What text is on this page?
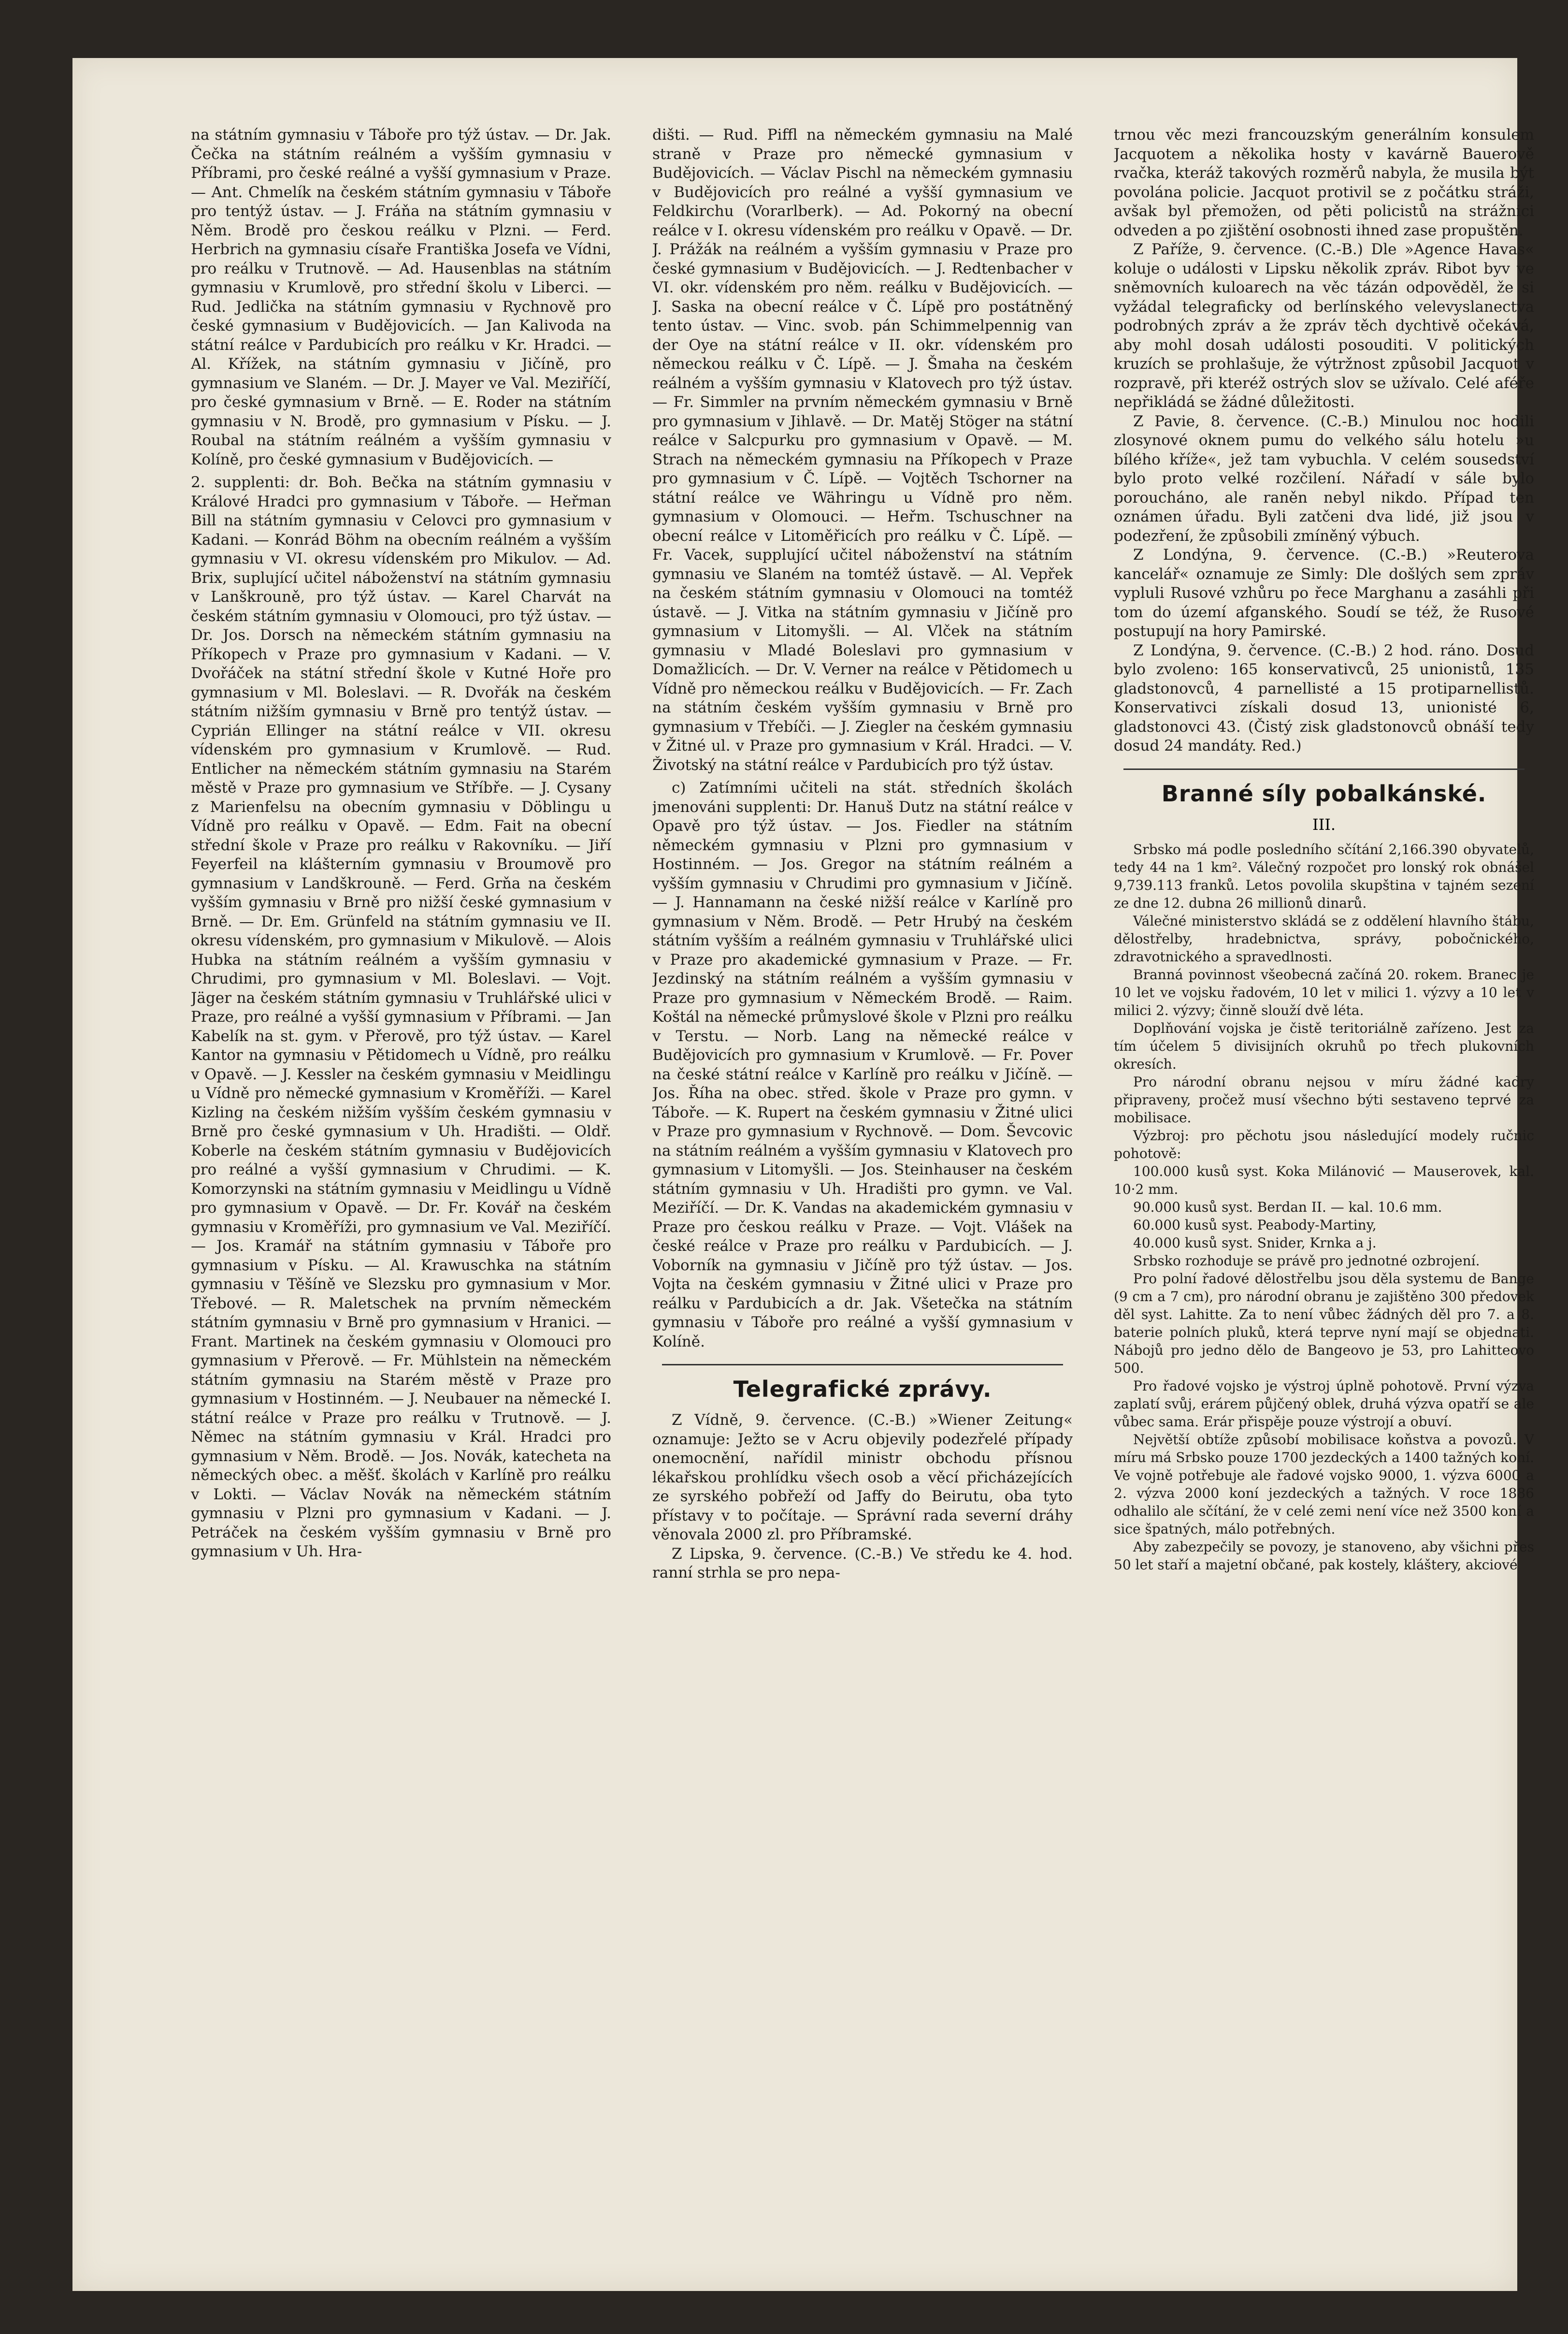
na státním gymnasiu v Táboře pro týž ústav. — Dr. Jak. Čečka na státním reálném a vyšším gymnasiu v Příbrami, pro české reálné a vyšší gymnasium v Praze. — Ant. Chmelík na českém státním gymnasiu v Táboře pro tentýž ústav. — J. Fráňa na státním gymnasiu v Něm. Brodě pro českou reálku v Plzni. — Ferd. Herbrich na gymnasiu císaře Františka Josefa ve Vídni, pro reálku v Trutnově. — Ad. Hausenblas na státním gymnasiu v Krumlově, pro střední školu v Liberci. — Rud. Jedlička na státním gymnasiu v Rychnově pro české gymnasium v Budějovicích. — Jan Kalivoda na státní reálce v Pardubicích pro reálku v Kr. Hradci. — Al. Křížek, na státním gymnasiu v Jičíně, pro gymnasium ve Slaném. — Dr. J. Mayer ve Val. Meziříčí, pro české gymnasium v Brně. — E. Roder na státním gymnasiu v N. Brodě, pro gymnasium v Písku. — J. Roubal na státním reálném a vyšším gymnasiu v Kolíně, pro české gymnasium v Budějovicích. —

2. supplenti: dr. Boh. Bečka na státním gymnasiu v Králové Hradci pro gymnasium v Táboře. — Heřman Bill na státním gymnasiu v Celovci pro gymnasium v Kadani. — Konrád Böhm na obecním reálném a vyšším gymnasiu v VI. okresu vídenském pro Mikulov. — Ad. Brix, suplující učitel náboženství na státním gymnasiu v Lanškrouně, pro týž ústav. — Karel Charvát na českém státním gymnasiu v Olomouci, pro týž ústav. — Dr. Jos. Dorsch na německém státním gymnasiu na Příkopech v Praze pro gymnasium v Kadani. — V. Dvořáček na státní střední škole v Kutné Hoře pro gymnasium v Ml. Boleslavi. — R. Dvořák na českém státním nižším gymnasiu v Brně pro tentýž ústav. — Cyprián Ellinger na státní reálce v VII. okresu vídenském pro gymnasium v Krumlově. — Rud. Entlicher na německém státním gymnasiu na Starém městě v Praze pro gymnasium ve Stříbře. — J. Cysany z Marienfelsu na obecním gymnasiu v Döblingu u Vídně pro reálku v Opavě. — Edm. Fait na obecní střední škole v Praze pro reálku v Rakovníku. — Jiří Feyerfeil na klášterním gymnasiu v Broumově pro gymnasium v Landškrouně. — Ferd. Grňa na českém vyšším gymnasiu v Brně pro nižší české gymnasium v Brně. — Dr. Em. Grünfeld na státním gymnasiu ve II. okresu vídenském, pro gymnasium v Mikulově. — Alois Hubka na státním reálném a vyšším gymnasiu v Chrudimi, pro gymnasium v Ml. Boleslavi. — Vojt. Jäger na českém státním gymnasiu v Truhlářské ulici v Praze, pro reálné a vyšší gymnasium v Příbrami. — Jan Kabelík na st. gym. v Přerově, pro týž ústav. — Karel Kantor na gymnasiu v Pětidomech u Vídně, pro reálku v Opavě. — J. Kessler na českém gymnasiu v Meidlingu u Vídně pro německé gymnasium v Kroměříži. — Karel Kizling na českém nižším vyšším českém gymnasiu v Brně pro české gymnasium v Uh. Hradišti. — Oldř. Koberle na českém státním gymnasiu v Budějovicích pro reálné a vyšší gymnasium v Chrudimi. — K. Komorzynski na státním gymnasiu v Meidlingu u Vídně pro gymnasium v Opavě. — Dr. Fr. Kovář na českém gymnasiu v Kroměříži, pro gymnasium ve Val. Meziříčí. — Jos. Kramář na státním gymnasiu v Táboře pro gymnasium v Písku. — Al. Krawuschka na státním gymnasiu v Těšíně ve Slezsku pro gymnasium v Mor. Třebové. — R. Maletschek na prvním německém státním gymnasiu v Brně pro gymnasium v Hranici. — Frant. Martinek na českém gymnasiu v Olomouci pro gymnasium v Přerově. — Fr. Mühlstein na německém státním gymnasiu na Starém městě v Praze pro gymnasium v Hostinném. — J. Neubauer na německé I. státní reálce v Praze pro reálku v Trutnově. — J. Němec na státním gymnasiu v Král. Hradci pro gymnasium v Něm. Brodě. — Jos. Novák, katecheta na německých obec. a měšť. školách v Karlíně pro reálku v Lokti. — Václav Novák na německém státním gymnasiu v Plzni pro gymnasium v Kadani. — J. Petráček na českém vyšším gymnasiu v Brně pro gymnasium v Uh. Hra-

dišti. — Rud. Piffl na německém gymnasiu na Malé straně v Praze pro německé gymnasium v Budějovicích. — Václav Pischl na německém gymnasiu v Budějovicích pro reálné a vyšší gymnasium ve Feldkirchu (Vorarlberk). — Ad. Pokorný na obecní reálce v I. okresu vídenském pro reálku v Opavě. — Dr. J. Prážák na reálném a vyšším gymnasiu v Praze pro české gymnasium v Budějovicích. — J. Redtenbacher v VI. okr. vídenském pro něm. reálku v Budějovicích. — J. Saska na obecní reálce v Č. Lípě pro postátněný tento ústav. — Vinc. svob. pán Schimmelpennig van der Oye na státní reálce v II. okr. vídenském pro německou reálku v Č. Lípě. — J. Šmaha na českém reálném a vyšším gymnasiu v Klatovech pro týž ústav. — Fr. Simmler na prvním německém gymnasiu v Brně pro gymnasium v Jihlavě. — Dr. Matěj Stöger na státní reálce v Salcpurku pro gymnasium v Opavě. — M. Strach na německém gymnasiu na Příkopech v Praze pro gymnasium v Č. Lípě. — Vojtěch Tschorner na státní reálce ve Währingu u Vídně pro něm. gymnasium v Olomouci. — Heřm. Tschuschner na obecní reálce v Litoměřicích pro reálku v Č. Lípě. — Fr. Vacek, supplující učitel náboženství na státním gymnasiu ve Slaném na tomtéž ústavě. — Al. Vepřek na českém státním gymnasiu v Olomouci na tomtéž ústavě. — J. Vitka na státním gymnasiu v Jičíně pro gymnasium v Litomyšli. — Al. Vlček na státním gymnasiu v Mladé Boleslavi pro gymnasium v Domažlicích. — Dr. V. Verner na reálce v Pětidomech u Vídně pro německou reálku v Budějovicích. — Fr. Zach na státním českém vyšším gymnasiu v Brně pro gymnasium v Třebíči. — J. Ziegler na českém gymnasiu v Žitné ul. v Praze pro gymnasium v Král. Hradci. — V. Životský na státní reálce v Pardubicích pro týž ústav.

c) Zatímními učiteli na stát. středních školách jmenováni supplenti: Dr. Hanuš Dutz na státní reálce v Opavě pro týž ústav. — Jos. Fiedler na státním německém gymnasiu v Plzni pro gymnasium v Hostinném. — Jos. Gregor na státním reálném a vyšším gymnasiu v Chrudimi pro gymnasium v Jičíně. — J. Hannamann na české nižší reálce v Karlíně pro gymnasium v Něm. Brodě. — Petr Hrubý na českém státním vyšším a reálném gymnasiu v Truhlářské ulici v Praze pro akademické gymnasium v Praze. — Fr. Jezdinský na státním reálném a vyšším gymnasiu v Praze pro gymnasium v Německém Brodě. — Raim. Koštál na německé průmyslové škole v Plzni pro reálku v Terstu. — Norb. Lang na německé reálce v Budějovicích pro gymnasium v Krumlově. — Fr. Pover na české státní reálce v Karlíně pro reálku v Jičíně. — Jos. Říha na obec. střed. škole v Praze pro gymn. v Táboře. — K. Rupert na českém gymnasiu v Žitné ulici v Praze pro gymnasium v Rychnově. — Dom. Ševcovic na státním reálném a vyšším gymnasiu v Klatovech pro gymnasium v Litomyšli. — Jos. Steinhauser na českém státním gymnasiu v Uh. Hradišti pro gymn. ve Val. Meziříčí. — Dr. K. Vandas na akademickém gymnasiu v Praze pro českou reálku v Praze. — Vojt. Vlášek na české reálce v Praze pro reálku v Pardubicích. — J. Voborník na gymnasiu v Jičíně pro týž ústav. — Jos. Vojta na českém gymnasiu v Žitné ulici v Praze pro reálku v Pardubicích a dr. Jak. Všetečka na státním gymnasiu v Táboře pro reálné a vyšší gymnasium v Kolíně.

Telegrafické zprávy.

Z Vídně, 9. července. (C.-B.) »Wiener Zeitung« oznamuje: Ježto se v Acru objevily podezřelé případy onemocnění, nařídil ministr obchodu přísnou lékařskou prohlídku všech osob a věcí přicházejících ze syrského pobřeží od Jaffy do Beirutu, oba tyto přístavy v to počítaje. — Správní rada severní dráhy věnovala 2000 zl. pro Příbramské.

Z Lipska, 9. července. (C.-B.) Ve středu ke 4. hod. ranní strhla se pro nepa-

trnou věc mezi francouzským generálním konsulem Jacquotem a několika hosty v kavárně Bauerově rvačka, kteráž takových rozměrů nabyla, že musila být povolána policie. Jacquot protivil se z počátku stráži, avšak byl přemožen, od pěti policistů na strážnici odveden a po zjištění osobnosti ihned zase propuštěn.

Z Paříže, 9. července. (C.-B.) Dle »Agence Havas« koluje o události v Lipsku několik zpráv. Ribot byv ve sněmovních kuloarech na věc tázán odpověděl, že si vyžádal telegraficky od berlínského velevyslanectva podrobných zpráv a že zpráv těch dychtivě očekává, aby mohl dosah události posouditi. V politických kruzích se prohlašuje, že výtržnost způsobil Jacquot v rozpravě, při kteréž ostrých slov se užívalo. Celé aféře nepřikládá se žádné důležitosti.

Z Pavie, 8. července. (C.-B.) Minulou noc hodili zlosynové oknem pumu do velkého sálu hotelu »u bílého kříže«, jež tam vybuchla. V celém sousedství bylo proto velké rozčilení. Nářadí v sále bylo poroucháno, ale raněn nebyl nikdo. Případ ten oznámen úřadu. Byli zatčeni dva lidé, již jsou v podezření, že způsobili zmíněný výbuch.

Z Londýna, 9. července. (C.-B.) »Reuterova kancelář« oznamuje ze Simly: Dle došlých sem zpráv vypluli Rusové vzhůru po řece Marghanu a zasáhli při tom do území afganského. Soudí se též, že Rusové postupují na hory Pamirské.

Z Londýna, 9. července. (C.-B.) 2 hod. ráno. Dosud bylo zvoleno: 165 konservativců, 25 unionistů, 135 gladstonovců, 4 parnellisté a 15 protiparnellistů. Konservativci získali dosud 13, unionisté 6, gladstonovci 43. (Čistý zisk gladstonovců obnáší tedy dosud 24 mandáty. Red.)

Branné síly pobalkánské.
III.

Srbsko má podle posledního sčítání 2,166.390 obyvatelů, tedy 44 na 1 km². Válečný rozpočet pro lonský rok obnášel 9,739.113 franků. Letos povolila skupština v tajném sezení ze dne 12. dubna 26 millionů dinarů.

Válečné ministerstvo skládá se z oddělení hlavního štábu, dělostřelby, hradebnictva, správy, pobočnického, zdravotnického a spravedlnosti.

Branná povinnost všeobecná začíná 20. rokem. Branec je 10 let ve vojsku řadovém, 10 let v milici 1. výzvy a 10 let v milici 2. výzvy; činně slouží dvě léta.

Doplňování vojska je čistě teritoriálně zařízeno. Jest za tím účelem 5 divisijních okruhů po třech plukovních okresích.

Pro národní obranu nejsou v míru žádné kadry připraveny, pročež musí všechno býti sestaveno teprvé za mobilisace.

Výzbroj: pro pěchotu jsou následující modely ručnic pohotově:

100.000 kusů syst. Koka Milánović — Mauserovek, kal. 10·2 mm.

90.000 kusů syst. Berdan II. — kal. 10.6 mm.

60.000 kusů syst. Peabody-Martiny,

40.000 kusů syst. Snider, Krnka a j.

Srbsko rozhoduje se právě pro jednotné ozbrojení.

Pro polní řadové dělostřelbu jsou děla systemu de Bange (9 cm a 7 cm), pro národní obranu je zajištěno 300 předovek děl syst. Lahitte. Za to není vůbec žádných děl pro 7. a 8. baterie polních pluků, která teprve nyní mají se objednati. Nábojů pro jedno dělo de Bangeovo je 53, pro Lahitteovo 500.

Pro řadové vojsko je výstroj úplně pohotově. První výzva zaplatí svůj, erárem půjčený oblek, druhá výzva opatří se ale vůbec sama. Erár přispěje pouze výstrojí a obuví.

Největší obtíže způsobí mobilisace koňstva a povozů. V míru má Srbsko pouze 1700 jezdeckých a 1400 tažných koní. Ve vojně potřebuje ale řadové vojsko 9000, 1. výzva 6000 a 2. výzva 2000 koní jezdeckých a tažných. V roce 1886 odhalilo ale sčítání, že v celé zemi není více než 3500 koní a sice špatných, málo potřebných.

Aby zabezpečily se povozy, je stanoveno, aby všichni přes 50 let staří a majetní občané, pak kostely, kláštery, akciové
